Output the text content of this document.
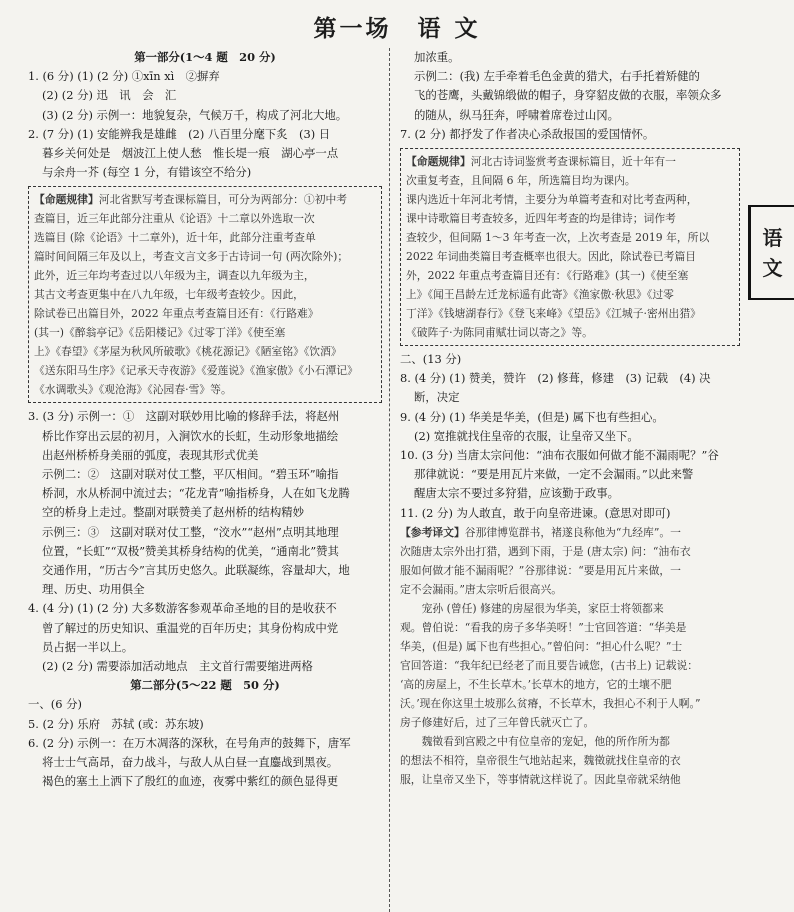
第一场　语 文
第一部分(1～4 题　20 分)
1. (6 分) (1) (2 分) ①xīn xì　②摒弃
(2) (2 分) 迅　讯　会　汇
(3) (2 分) 示例一：地貌复杂，气候万千，构成了河北大地。
2. (7 分) (1) 安能辨我是雄雌　(2) 八百里分麾下炙　(3) 日
暮乡关何处是　烟波江上使人愁　惟长堤一痕　湖心亭一点
与余舟一芥 (每空 1 分，有错该空不给分)
【命题规律】河北省默写考查课标篇目，可分为两部分：①初中考
查篇目，近三年此部分注重从《论语》十二章以外选取一次
选篇目 (除《论语》十二章外)，近十年，此部分注重考查单
篇时间间隔三年及以上，考查文言文多于古诗词一句 (两次除外)；
此外，近三年均考查过以八年级为主，调查以九年级为主，
其古文考查更集中在八九年级，七年级考查较少。因此，
除试卷已出篇目外，2022 年重点考查篇目还有：《行路难》
(其一)《醉翁亭记》《岳阳楼记》《过零丁洋》《使至塞
上》《春望》《茅屋为秋风所破歌》《桃花源记》《陋室铭》《饮酒》
《送东阳马生序》《记承天寺夜游》《爱莲说》《渔家傲》《小石潭记》
《水调歌头》《观沧海》《沁园春·雪》等。
3. (3 分) 示例一：①　这副对联妙用比喻的修辞手法，将赵州
桥比作穿出云层的初月，入涧饮水的长虹，生动形象地描绘
出赵州桥桥身美丽的弧度，表现其形式优美
示例二：②　这副对联对仗工整，平仄相间。“碧玉环”喻指
桥洞，水从桥洞中流过去；“花龙青”喻指桥身，人在如飞龙腾
空的桥身上走过。整副对联赞美了赵州桥的结构精妙
示例三：③　这副对联对仗工整，“洨水”“赵州”点明其地理
位置，“长虹”“双极”赞美其桥身结构的优美，“通南北”赞其
交通作用，“历古今”言其历史悠久。此联凝练，容量却大，地
理、历史、功用俱全
4. (4 分) (1) (2 分) 大多数游客参观革命圣地的目的是收获不
曾了解过的历史知识、重温党的百年历史；其身份构成中党
员占据一半以上。
(2) (2 分) 需要添加活动地点　主文首行需要缩进两格
第二部分(5～22 题　50 分)
一、(6 分)
5. (2 分) 乐府　苏轼 (或：苏东坡)
6. (2 分) 示例一：在万木凋落的深秋，在号角声的鼓舞下，唐军
将士士气高昂，奋力战斗，与敌人从白昼一直鏖战到黑夜。
褐色的塞土上洒下了殷红的血迹，夜雾中紫红的颜色显得更
加浓重。
示例二：(我) 左手牵着毛色金黄的猎犬，右手托着矫健的
飞的苍鹰，头戴锦缎做的帽子，身穿貂皮做的衣服，率领众多
的随从，纵马狂奔，呼啸着席卷过山冈。
7. (2 分) 都抒发了作者决心杀敌报国的爱国情怀。
【命题规律】河北古诗词鉴赏考查课标篇目，近十年有一
次重复考查，且间隔 6 年，所选篇目均为课内。
课内选近十年河北考情，主要分为单篇考查和对比考查两种，
课中诗歌篇目考查较多，近四年考查的均是律诗；词作考
查较少，但间隔 1～3 年考查一次，上次考查是 2019 年，所以
2022 年词曲类篇目考查概率也很大。因此，除试卷已考篇目
外，2022 年重点考查篇目还有：《行路难》(其一)《使至塞
上》《闻王昌龄左迁龙标遥有此寄》《渔家傲·秋思》《过零
丁洋》《钱塘湖春行》《登飞来峰》《望岳》《江城子·密州出猎》
《破阵子·为陈同甫赋壮词以寄之》等。
二、(13 分)
8. (4 分) (1) 赞美，赞许　(2) 修葺，修建　(3) 记载　(4) 决
断，决定
9. (4 分) (1) 华美是华美，(但是) 属下也有些担心。
(2) 宽推就找住皇帝的衣服，让皇帝又坐下。
10. (3 分) 当唐太宗问他：“油布衣服如何做才能不漏雨呢？”谷
那律就说：“要是用瓦片来做，一定不会漏雨。”以此来警
醒唐太宗不要过多狩猎，应该勤于政事。
11. (2 分) 为人敢直，敢于向皇帝进谏。(意思对即可)
【参考译文】谷那律博览群书，褚遂良称他为“九经库”。一
次随唐太宗外出打猎，遇到下雨，于是 (唐太宗) 问：“油布衣
服如何做才能不漏雨呢？”谷那律说：“要是用瓦片来做，一
定不会漏雨。”唐太宗听后很高兴。
　　宠孙 (曾任) 修建的房屋很为华美，家臣士将领都来
观。曾伯说：“看我的房子多华美呀！”士官回答道：“华美是
华美，(但是) 属下也有些担心。”曾伯问：“担心什么呢？”士
官回答道：“我年纪已经老了而且要告诫您，(古书上) 记载说：
‘高的房屋上，不生长草木。’长草木的地方，它的土壤不肥
沃。’现在你这里土坡那么贫瘠，不长草木，我担心不利于人啊。”
房子修建好后，过了三年曾氏就灭亡了。
　　魏徵看到宫殿之中有位皇帝的宠妃，他的所作所为都
的想法不相符，皇帝很生气地站起来，魏徵就找住皇帝的衣
服，让皇帝又坐下，等事情就这样说了。因此皇帝就采纳他
语
文
